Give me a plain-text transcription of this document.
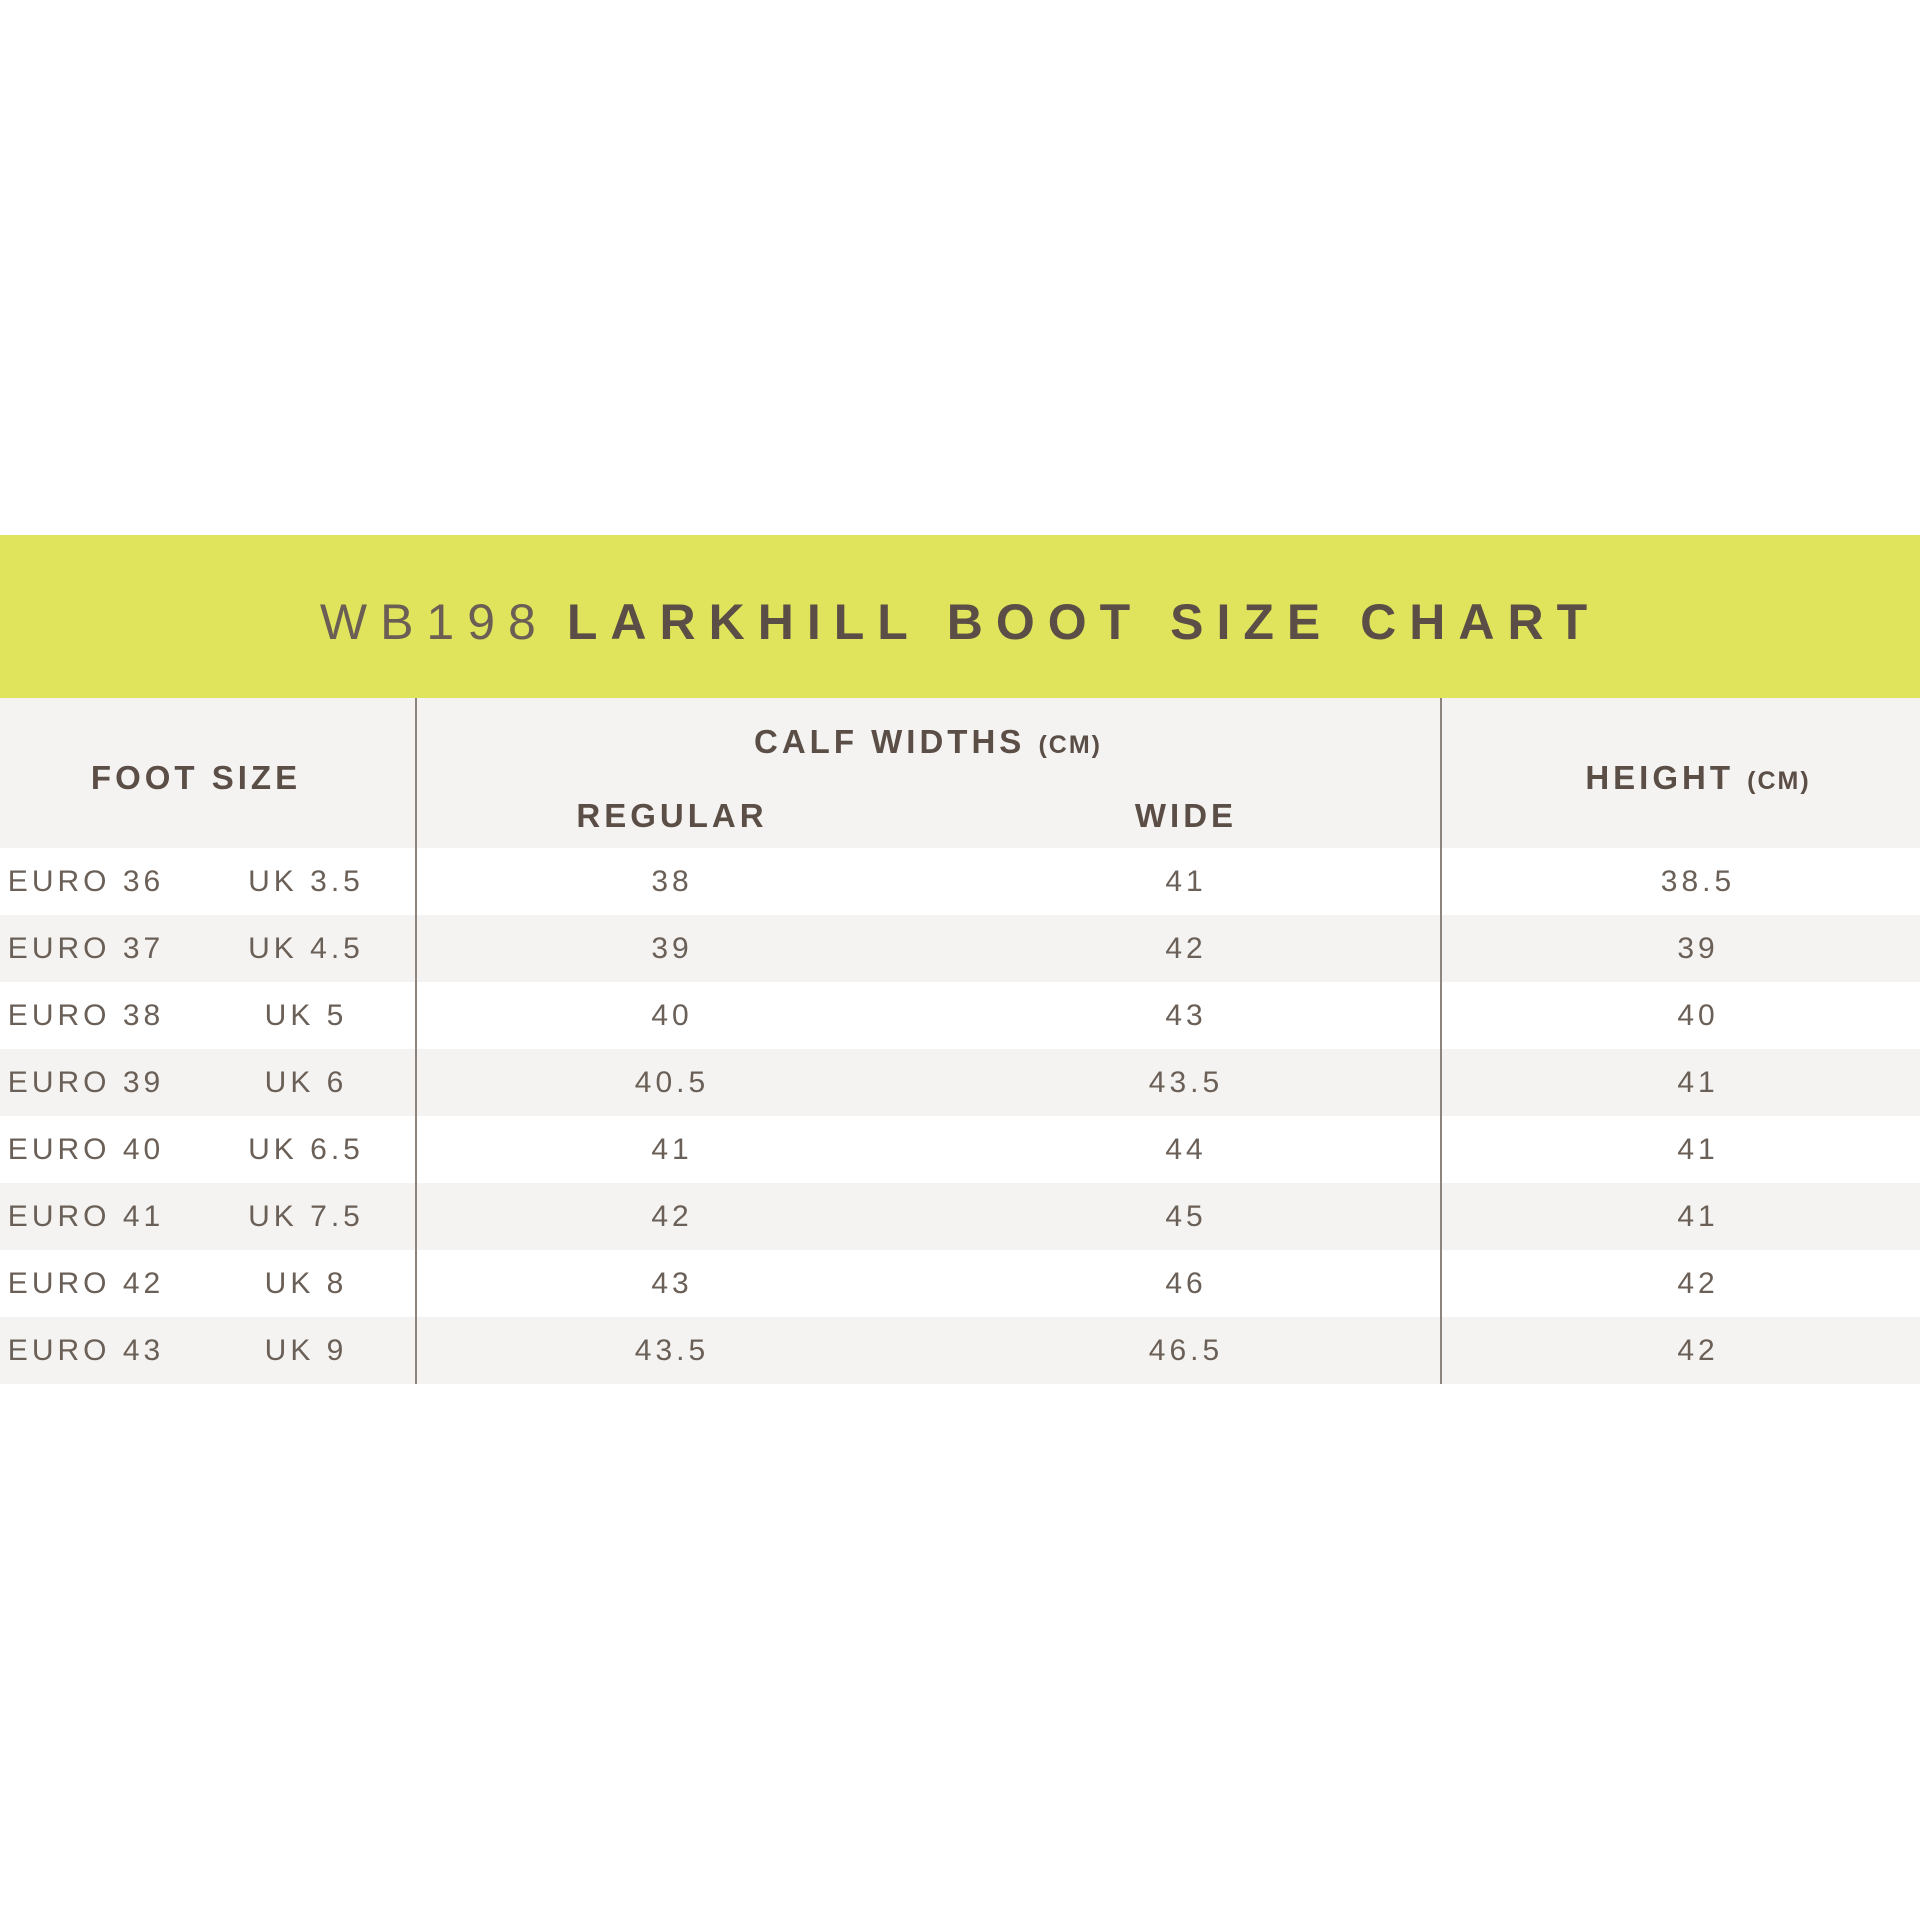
WB198 LARKHILL BOOT SIZE CHART
FOOT SIZE
CALF WIDTHS (CM)
REGULAR	WIDE
HEIGHT (CM)
EURO 36	UK 3.5	38	41	38.5
EURO 37	UK 4.5	39	42	39
EURO 38	UK 5	40	43	40
EURO 39	UK 6	40.5	43.5	41
EURO 40	UK 6.5	41	44	41
EURO 41	UK 7.5	42	45	41
EURO 42	UK 8	43	46	42
EURO 43	UK 9	43.5	46.5	42
